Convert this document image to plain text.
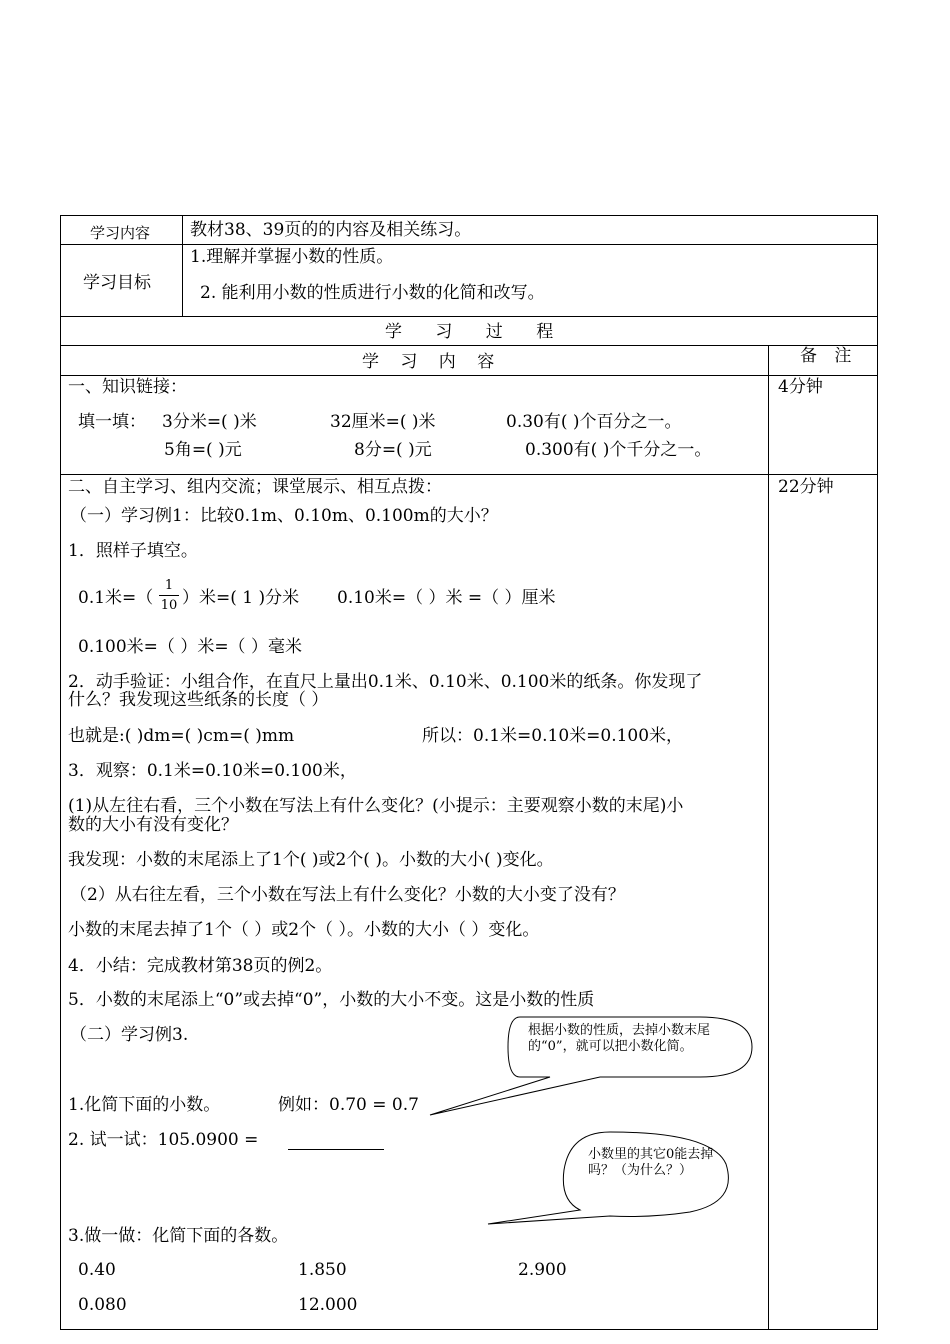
学习内容 教材38、39页的的内容及相关练习。
学习目标
1.理解并掌握小数的性质。
2. 能利用小数的性质进行小数的化简和改写。
学 习 过 程
学 习 内 容	备 注
一、知识链接：	4分钟
填一填： 3分米=( )米	32厘米=( )米	0.30有( )个百分之一。
5角=( )元	8分=( )元	0.300有( )个千分之一。
二、自主学习、组内交流；课堂展示、相互点拨：	22分钟
（一）学习例1：比较0.1m、0.10m、0.100m的大小？
1．照样子填空。
0.1米=（
1
10 ）米=( 1 )分米 0.10米=（ ）米 =（ ）厘米
0.100米=（ ）米=（ ）毫米
2．动手验证：小组合作，在直尺上量出0.1米、0.10米、0.100米的纸条。你发现了
什么？我发现这些纸条的长度（ ）
也就是:( )dm=( )cm=( )mm	所以：0.1米=0.10米=0.100米，
3．观察：0.1米=0.10米=0.100米，
(1)从左往右看，三个小数在写法上有什么变化？(小提示：主要观察小数的末尾)小
数的大小有没有变化？
我发现：小数的末尾添上了1个( )或2个( )。小数的大小( )变化。
（2）从右往左看，三个小数在写法上有什么变化？小数的大小变了没有？
小数的末尾去掉了1个（ ）或2个（ ）。小数的大小（ ）变化。
4．小结：完成教材第38页的例2。
5．小数的末尾添上“0”或去掉“0”，小数的大小不变。这是小数的性质
（二）学习例3.	根据小数的性质，去掉小数末尾的“0”，就可以把小数化简。
小数里的其它0能去掉吗？（为什么？）
1.化简下面的小数。	例如：0.70 = 0.7
2. 试一试：105.0900 =
3.做一做：化简下面的各数。
0.40	1.850	2.900
0.080	12.000
